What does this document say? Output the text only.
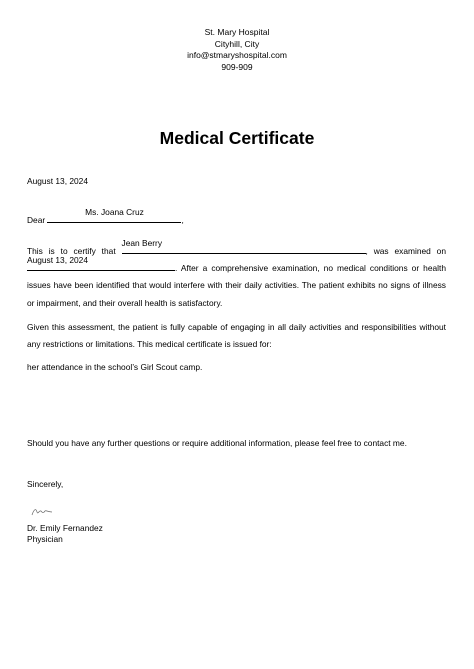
St. Mary Hospital
Cityhill, City
info@stmaryshospital.com
909-909
Medical Certificate
August 13, 2024
Dear
Ms. Joana Cruz
,
This is to certify that
Jean Berry
, was examined on
August 13, 2024
. After a comprehensive examination, no medical conditions or health issues have been identified that would interfere with their daily activities. The patient exhibits no signs of illness or impairment, and their overall health is satisfactory.
Given this assessment, the patient is fully capable of engaging in all daily activities and responsibilities without any restrictions or limitations. This medical certificate is issued for:
her attendance in the school’s Girl Scout camp.
Should you have any further questions or require additional information, please feel free to contact me.
Sincerely,
Dr. Emily Fernandez
Physician
